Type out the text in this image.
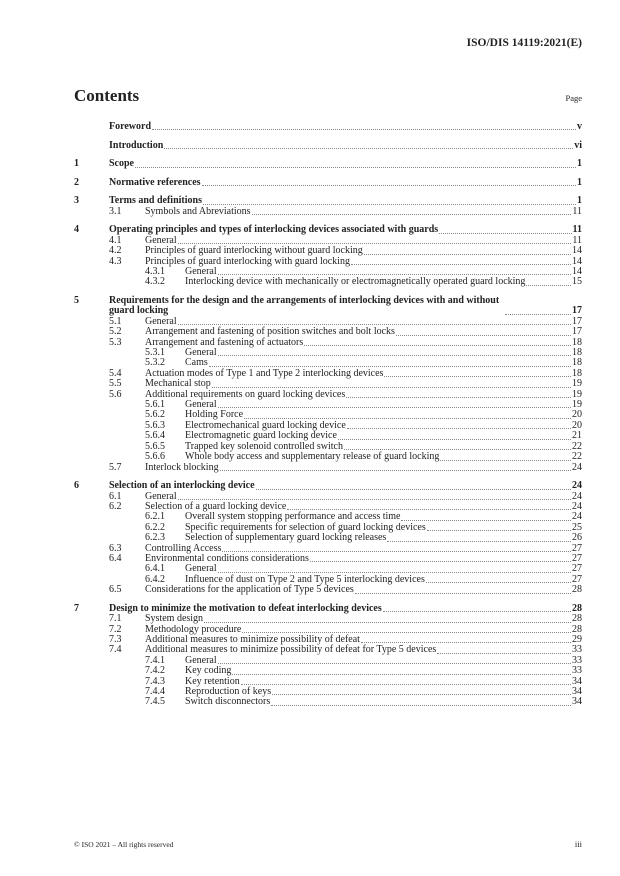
ISO/DIS 14119:2021(E)
Contents	Page
Foreword	v
Introduction	vi
1	Scope	1
2	Normative references	1
3	Terms and definitions	1
3.1	Symbols and Abreviations	11
4	Operating principles and types of interlocking devices associated with guards	11
4.1	General	11
4.2	Principles of guard interlocking without guard locking	14
4.3	Principles of guard interlocking with guard locking	14
4.3.1	General	14
4.3.2	Interlocking device with mechanically or electromagnetically operated guard locking	15
5	Requirements for the design and the arrangements of interlocking devices with and without guard locking	17
5.1	General	17
5.2	Arrangement and fastening of position switches and bolt locks	17
5.3	Arrangement and fastening of actuators	18
5.3.1	General	18
5.3.2	Cams	18
5.4	Actuation modes of Type 1 and Type 2 interlocking devices	18
5.5	Mechanical stop	19
5.6	Additional requirements on guard locking devices	19
5.6.1	General	19
5.6.2	Holding Force	20
5.6.3	Electromechanical guard locking device	20
5.6.4	Electromagnetic guard locking device	21
5.6.5	Trapped key solenoid controlled switch	22
5.6.6	Whole body access and supplementary release of guard locking	22
5.7	Interlock blocking	24
6	Selection of an interlocking device	24
6.1	General	24
6.2	Selection of a guard locking device	24
6.2.1	Overall system stopping performance and access time	24
6.2.2	Specific requirements for selection of guard locking devices	25
6.2.3	Selection of supplementary guard locking releases	26
6.3	Controlling Access	27
6.4	Environmental conditions considerations	27
6.4.1	General	27
6.4.2	Influence of dust on Type 2 and Type 5 interlocking devices	27
6.5	Considerations for the application of Type 5 devices	28
7	Design to minimize the motivation to defeat interlocking devices	28
7.1	System design	28
7.2	Methodology procedure	28
7.3	Additional measures to minimize possibility of defeat	29
7.4	Additional measures to minimize possibility of defeat for Type 5 devices	33
7.4.1	General	33
7.4.2	Key coding	33
7.4.3	Key retention	34
7.4.4	Reproduction of keys	34
7.4.5	Switch disconnectors	34
© ISO 2021 – All rights reserved	iii
